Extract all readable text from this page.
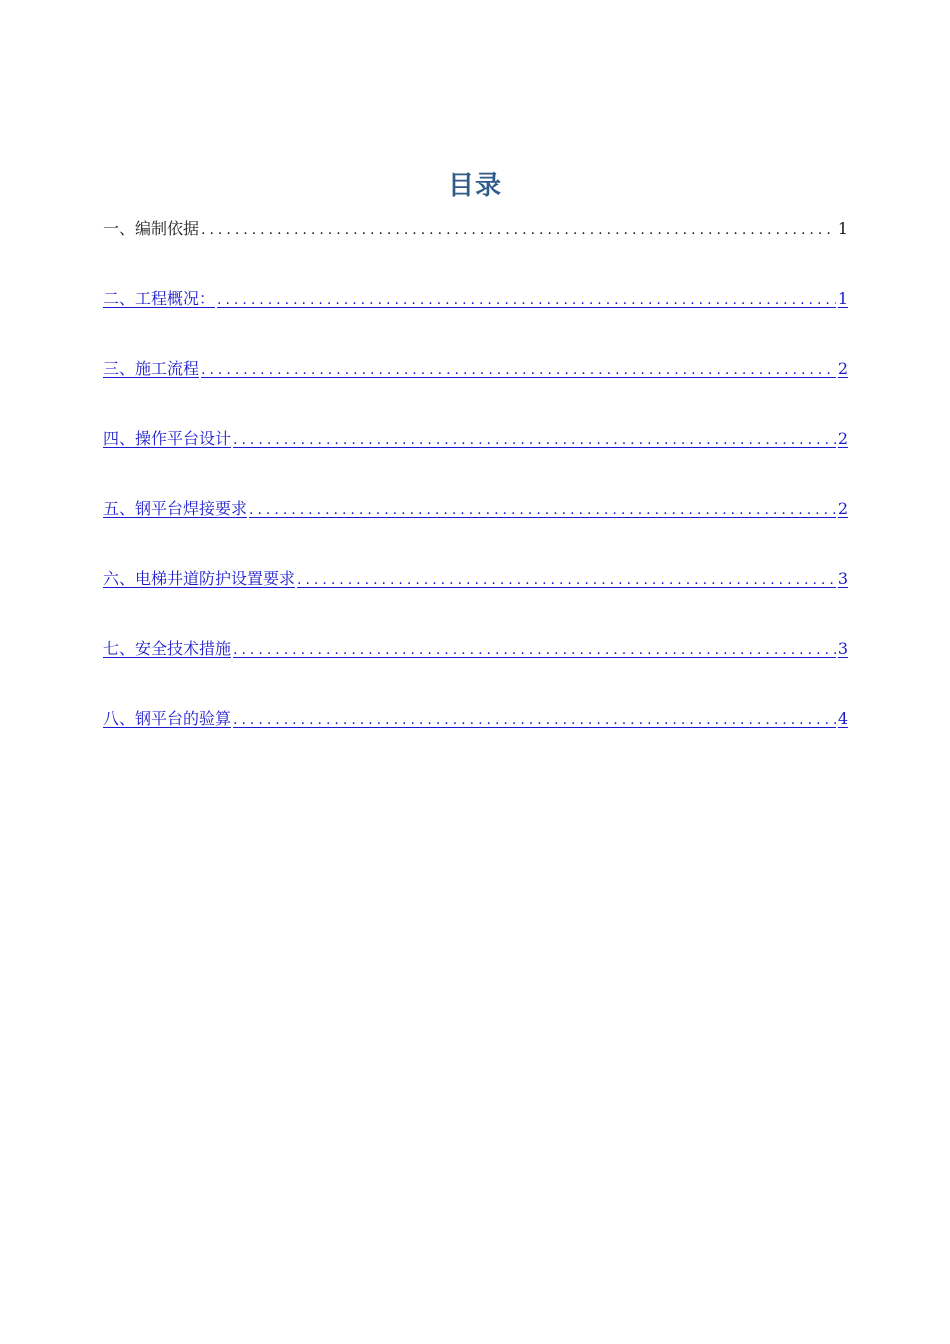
目录
一、编制依据 .....	1
二、工程概况： .....	1
三、施工流程 .....	2
四、操作平台设计 .....	2
五、钢平台焊接要求 .....	2
六、电梯井道防护设置要求 .....	3
七、安全技术措施 .....	3
八、钢平台的验算 .....	4
